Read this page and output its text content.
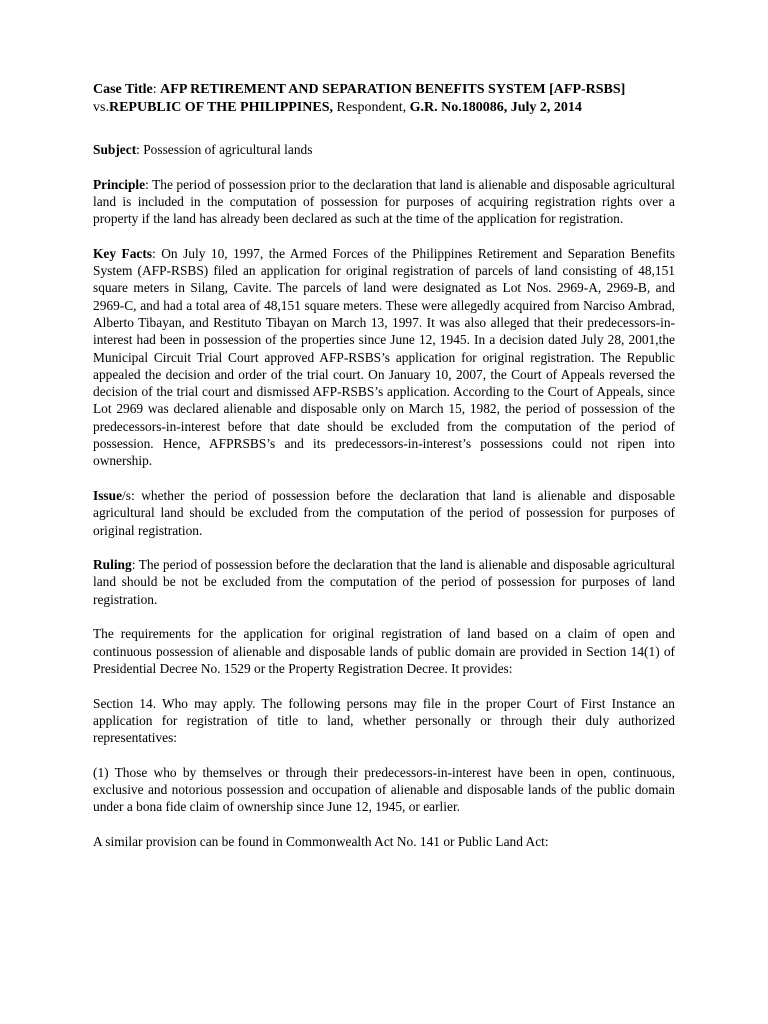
Case Title: AFP RETIREMENT AND SEPARATION BENEFITS SYSTEM [AFP-RSBS] vs.REPUBLIC OF THE PHILIPPINES, Respondent, G.R. No.180086, July 2, 2014

Subject: Possession of agricultural lands

Principle: The period of possession prior to the declaration that land is alienable and disposable agricultural land is included in the computation of possession for purposes of acquiring registration rights over a property if the land has already been declared as such at the time of the application for registration.

Key Facts: On July 10, 1997, the Armed Forces of the Philippines Retirement and Separation Benefits System (AFP-RSBS) filed an application for original registration of parcels of land consisting of 48,151 square meters in Silang, Cavite. The parcels of land were designated as Lot Nos. 2969-A, 2969-B, and 2969-C, and had a total area of 48,151 square meters. These were allegedly acquired from Narciso Ambrad, Alberto Tibayan, and Restituto Tibayan on March 13, 1997. It was also alleged that their predecessors-in-interest had been in possession of the properties since June 12, 1945. In a decision dated July 28, 2001,the Municipal Circuit Trial Court approved AFP-RSBS’s application for original registration. The Republic appealed the decision and order of the trial court. On January 10, 2007, the Court of Appeals reversed the decision of the trial court and dismissed AFP-RSBS’s application. According to the Court of Appeals, since Lot 2969 was declared alienable and disposable only on March 15, 1982, the period of possession of the predecessors-in-interest before that date should be excluded from the computation of the period of possession. Hence, AFPRSBS’s and its predecessors-in-interest’s possessions could not ripen into ownership.

Issue/s: whether the period of possession before the declaration that land is alienable and disposable agricultural land should be excluded from the computation of the period of possession for purposes of original registration.

Ruling: The period of possession before the declaration that the land is alienable and disposable agricultural land should be not be excluded from the computation of the period of possession for purposes of land registration.

The requirements for the application for original registration of land based on a claim of open and continuous possession of alienable and disposable lands of public domain are provided in Section 14(1) of Presidential Decree No. 1529 or the Property Registration Decree. It provides:

Section 14. Who may apply. The following persons may file in the proper Court of First Instance an application for registration of title to land, whether personally or through their duly authorized representatives:

(1) Those who by themselves or through their predecessors-in-interest have been in open, continuous, exclusive and notorious possession and occupation of alienable and disposable lands of the public domain under a bona fide claim of ownership since June 12, 1945, or earlier.

A similar provision can be found in Commonwealth Act No. 141 or Public Land Act:
